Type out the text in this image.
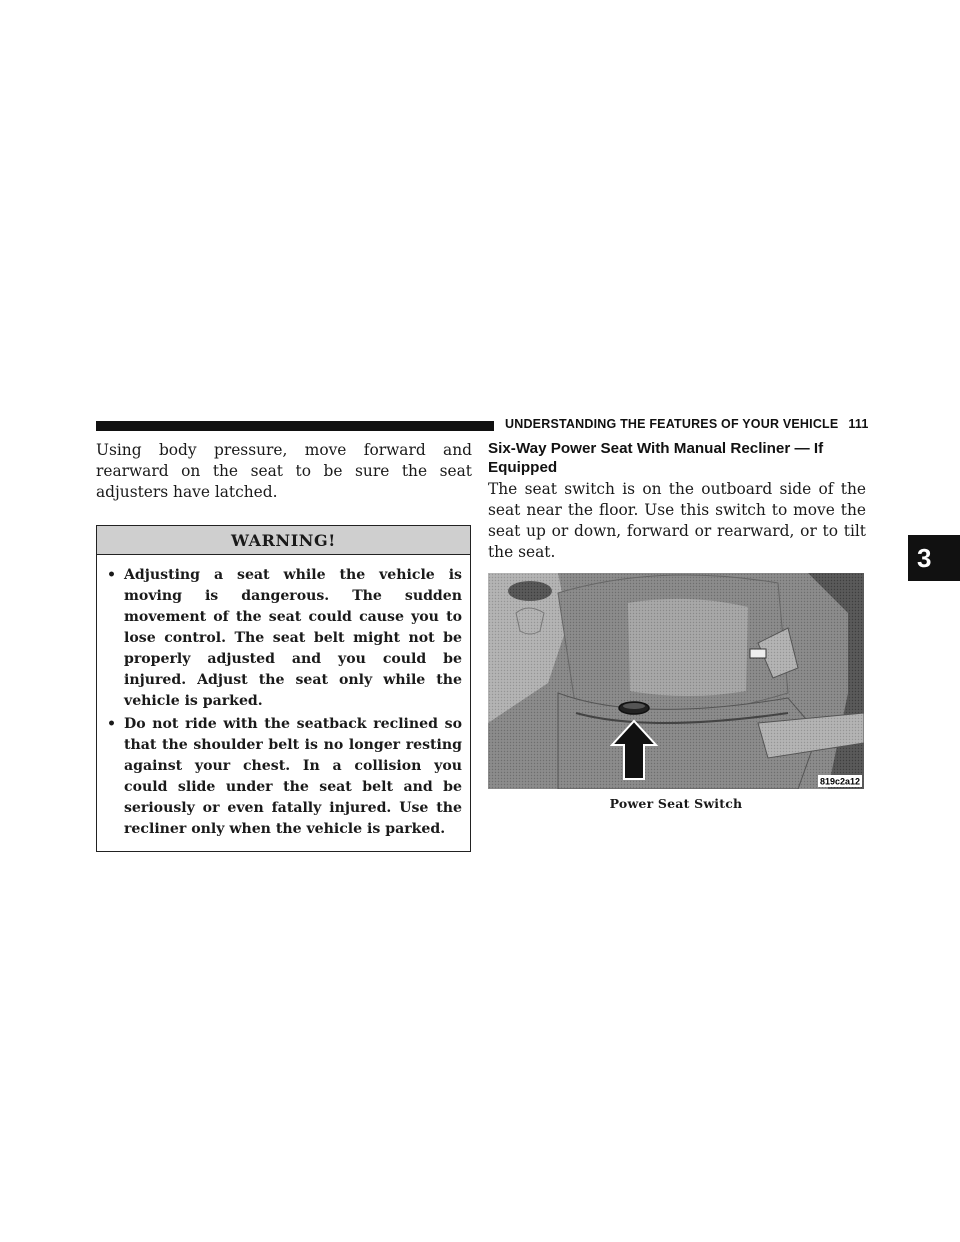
UNDERSTANDING THE FEATURES OF YOUR VEHICLE 111
3

Using body pressure, move forward and rearward on the seat to be sure the seat adjusters have latched.

WARNING!
• Adjusting a seat while the vehicle is moving is dangerous. The sudden movement of the seat could cause you to lose control. The seat belt might not be properly adjusted and you could be injured. Adjust the seat only while the vehicle is parked.
• Do not ride with the seatback reclined so that the shoulder belt is no longer resting against your chest. In a collision you could slide under the seat belt and be seriously or even fatally injured. Use the recliner only when the vehicle is parked.
Six-Way Power Seat With Manual Recliner — If Equipped

The seat switch is on the outboard side of the seat near the floor. Use this switch to move the seat up or down, forward or rearward, or to tilt the seat.

819c2a12
Power Seat Switch
